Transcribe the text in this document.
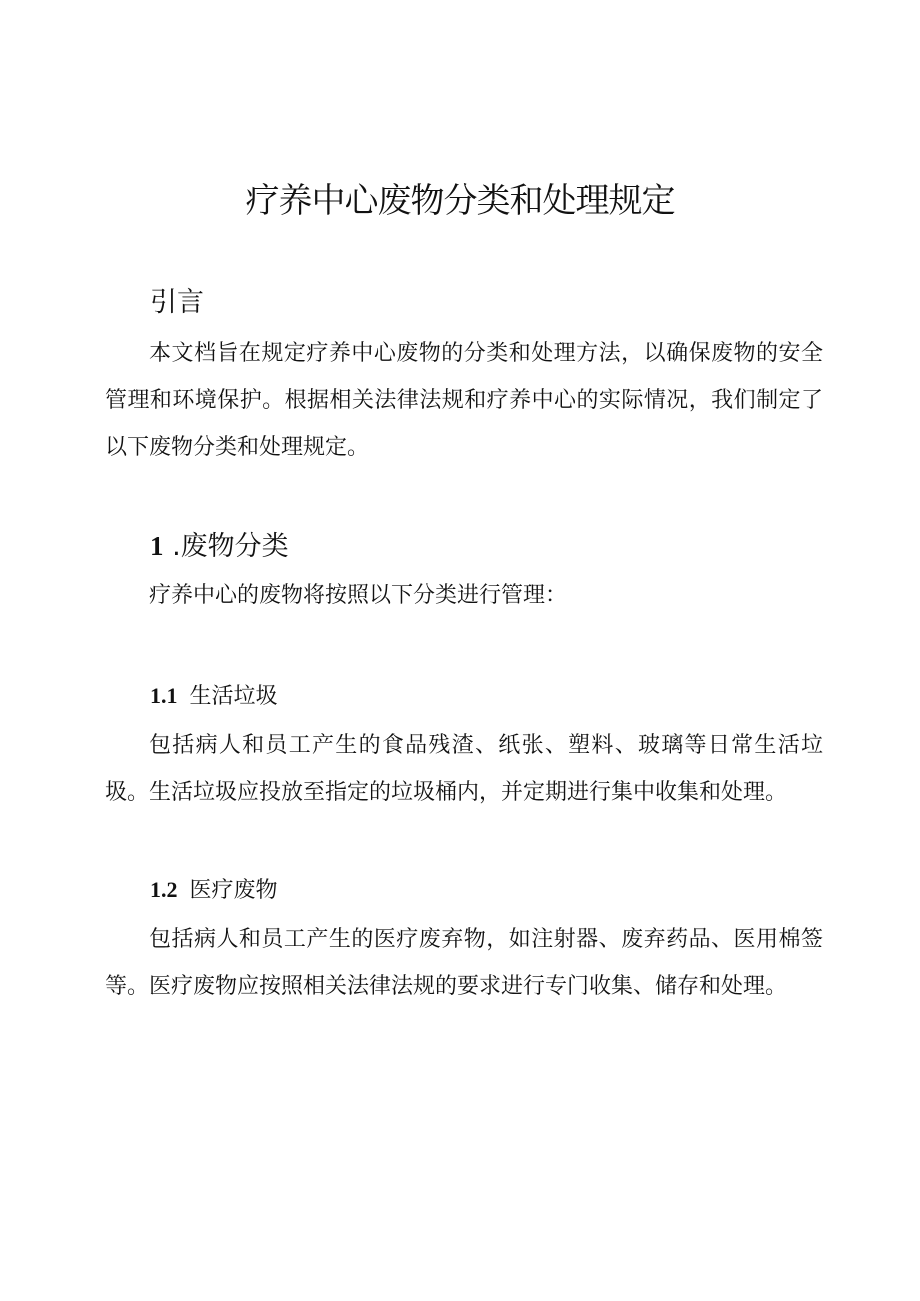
疗养中心废物分类和处理规定
引言

本文档旨在规定疗养中心废物的分类和处理方法，以确保废物的安全管理和环境保护。根据相关法律法规和疗养中心的实际情况，我们制定了以下废物分类和处理规定。

1 .废物分类

疗养中心的废物将按照以下分类进行管理：

1.1 生活垃圾

包括病人和员工产生的食品残渣、纸张、塑料、玻璃等日常生活垃圾。生活垃圾应投放至指定的垃圾桶内，并定期进行集中收集和处理。

1.2 医疗废物

包括病人和员工产生的医疗废弃物，如注射器、废弃药品、医用棉签等。医疗废物应按照相关法律法规的要求进行专门收集、储存和处理。
